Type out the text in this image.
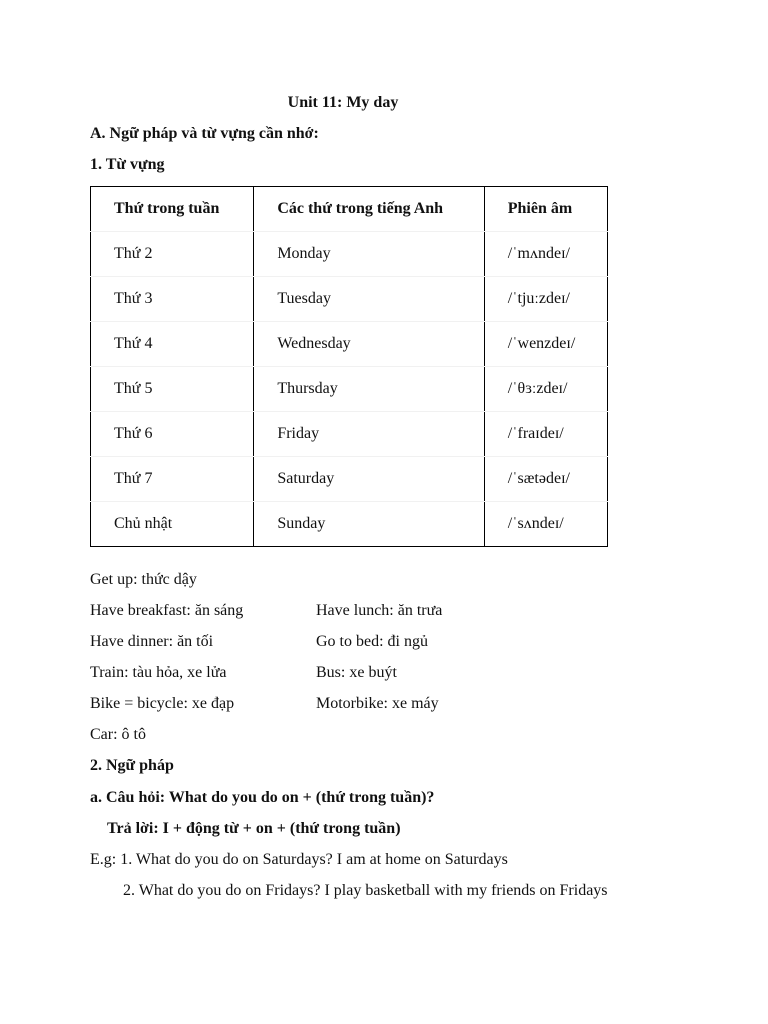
Unit 11: My day
A. Ngữ pháp và từ vựng cần nhớ:
1. Từ vựng
Thứ trong tuần	Các thứ trong tiếng Anh	Phiên âm
Thứ 2	Monday	/ˈmʌndeɪ/
Thứ 3	Tuesday	/ˈtjuːzdeɪ/
Thứ 4	Wednesday	/ˈwenzdeɪ/
Thứ 5	Thursday	/ˈθɜːzdeɪ/
Thứ 6	Friday	/ˈfraɪdeɪ/
Thứ 7	Saturday	/ˈsætədeɪ/
Chủ nhật	Sunday	/ˈsʌndeɪ/
Get up: thức dậy
Have breakfast: ăn sáng	Have lunch: ăn trưa
Have dinner: ăn tối	Go to bed: đi ngủ
Train: tàu hỏa, xe lửa	Bus: xe buýt
Bike = bicycle: xe đạp	Motorbike: xe máy
Car: ô tô
2. Ngữ pháp
a. Câu hỏi: What do you do on + (thứ trong tuần)?
Trả lời: I + động từ + on + (thứ trong tuần)
E.g: 1. What do you do on Saturdays? I am at home on Saturdays
2. What do you do on Fridays? I play basketball with my friends on Fridays
